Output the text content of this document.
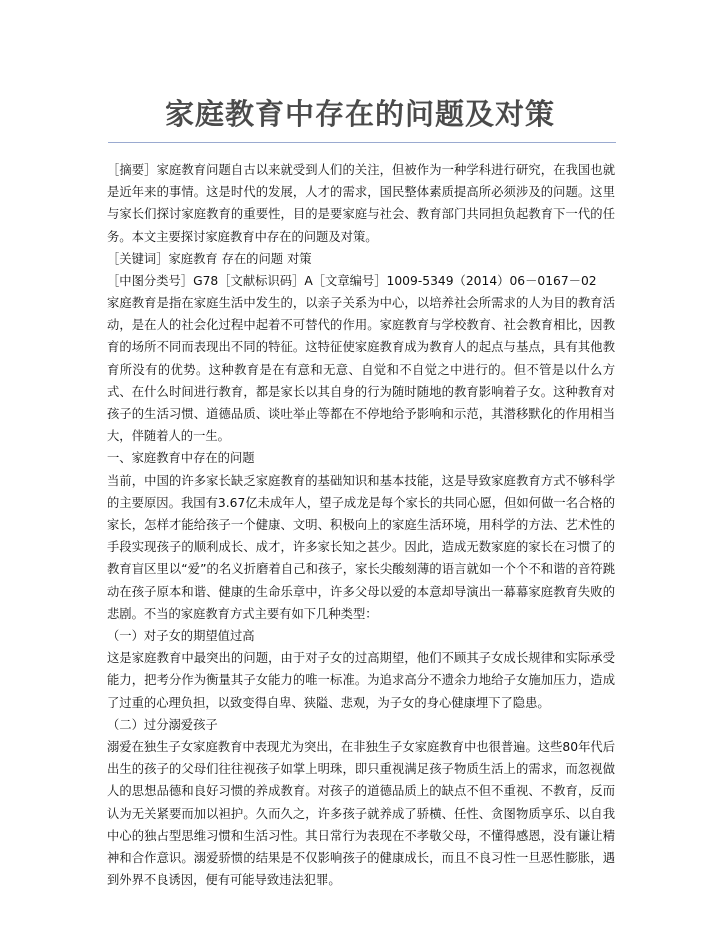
家庭教育中存在的问题及对策

［摘要］家庭教育问题自古以来就受到人们的关注，但被作为一种学科进行研究，在我国也就是近年来的事情。这是时代的发展，人才的需求，国民整体素质提高所必须涉及的问题。这里与家长们探讨家庭教育的重要性，目的是要家庭与社会、教育部门共同担负起教育下一代的任务。本文主要探讨家庭教育中存在的问题及对策。

［关键词］家庭教育 存在的问题 对策

［中图分类号］G78［文献标识码］A［文章编号］1009-5349（2014）06－0167－02

家庭教育是指在家庭生活中发生的，以亲子关系为中心，以培养社会所需求的人为目的教育活动，是在人的社会化过程中起着不可替代的作用。家庭教育与学校教育、社会教育相比，因教育的场所不同而表现出不同的特征。这特征使家庭教育成为教育人的起点与基点，具有其他教育所没有的优势。这种教育是在有意和无意、自觉和不自觉之中进行的。但不管是以什么方式、在什么时间进行教育，都是家长以其自身的行为随时随地的教育影响着子女。这种教育对孩子的生活习惯、道德品质、谈吐举止等都在不停地给予影响和示范，其潜移默化的作用相当大，伴随着人的一生。

一、家庭教育中存在的问题

当前，中国的许多家长缺乏家庭教育的基础知识和基本技能，这是导致家庭教育方式不够科学的主要原因。我国有3.67亿未成年人，望子成龙是每个家长的共同心愿，但如何做一名合格的家长，怎样才能给孩子一个健康、文明、积极向上的家庭生活环境，用科学的方法、艺术性的手段实现孩子的顺利成长、成才，许多家长知之甚少。因此，造成无数家庭的家长在习惯了的教育盲区里以“爱”的名义折磨着自己和孩子，家长尖酸刻薄的语言就如一个个不和谐的音符跳动在孩子原本和谐、健康的生命乐章中，许多父母以爱的本意却导演出一幕幕家庭教育失败的悲剧。不当的家庭教育方式主要有如下几种类型：

（一）对子女的期望值过高

这是家庭教育中最突出的问题，由于对子女的过高期望，他们不顾其子女成长规律和实际承受能力，把考分作为衡量其子女能力的唯一标准。为追求高分不遗余力地给子女施加压力，造成了过重的心理负担，以致变得自卑、狭隘、悲观，为子女的身心健康埋下了隐患。

（二）过分溺爱孩子

溺爱在独生子女家庭教育中表现尤为突出，在非独生子女家庭教育中也很普遍。这些80年代后出生的孩子的父母们往往视孩子如掌上明珠，即只重视满足孩子物质生活上的需求，而忽视做人的思想品德和良好习惯的养成教育。对孩子的道德品质上的缺点不但不重视、不教育，反而认为无关紧要而加以袒护。久而久之，许多孩子就养成了骄横、任性、贪图物质享乐、以自我中心的独占型思维习惯和生活习性。其日常行为表现在不孝敬父母，不懂得感恩，没有谦让精神和合作意识。溺爱骄惯的结果是不仅影响孩子的健康成长，而且不良习性一旦恶性膨胀，遇到外界不良诱因，便有可能导致违法犯罪。
